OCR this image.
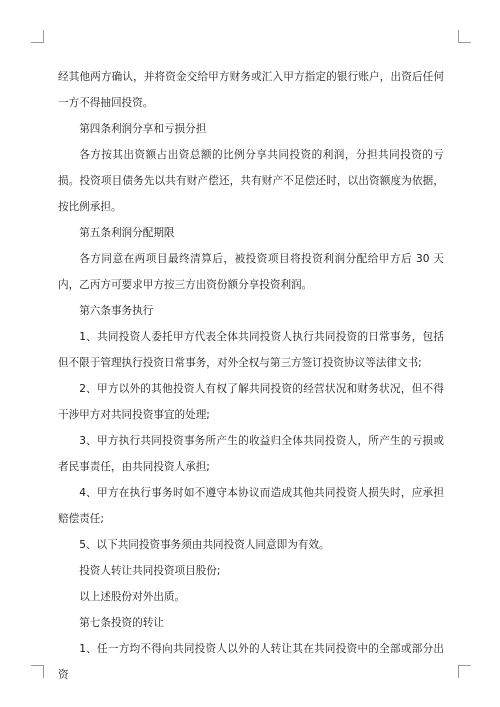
经其他两方确认，并将资金交给甲方财务或汇入甲方指定的银行账户，出资后任何一方不得抽回投资。

第四条利润分享和亏损分担

各方按其出资额占出资总额的比例分享共同投资的利润，分担共同投资的亏损。投资项目债务先以共有财产偿还，共有财产不足偿还时，以出资额度为依据，按比例承担。

第五条利润分配期限

各方同意在两项目最终清算后，被投资项目将投资利润分配给甲方后 30 天内，乙丙方可要求甲方按三方出资份额分享投资利润。

第六条事务执行

1、共同投资人委托甲方代表全体共同投资人执行共同投资的日常事务，包括但不限于管理执行投资日常事务，对外全权与第三方签订投资协议等法律文书;

2、甲方以外的其他投资人有权了解共同投资的经营状况和财务状况，但不得干涉甲方对共同投资事宜的处理;

3、甲方执行共同投资事务所产生的收益归全体共同投资人，所产生的亏损或者民事责任，由共同投资人承担;

4、甲方在执行事务时如不遵守本协议而造成其他共同投资人损失时，应承担赔偿责任;

5、以下共同投资事务须由共同投资人同意即为有效。

投资人转让共同投资项目股份;

以上述股份对外出质。

第七条投资的转让

1、任一方均不得向共同投资人以外的人转让其在共同投资中的全部或部分出资
